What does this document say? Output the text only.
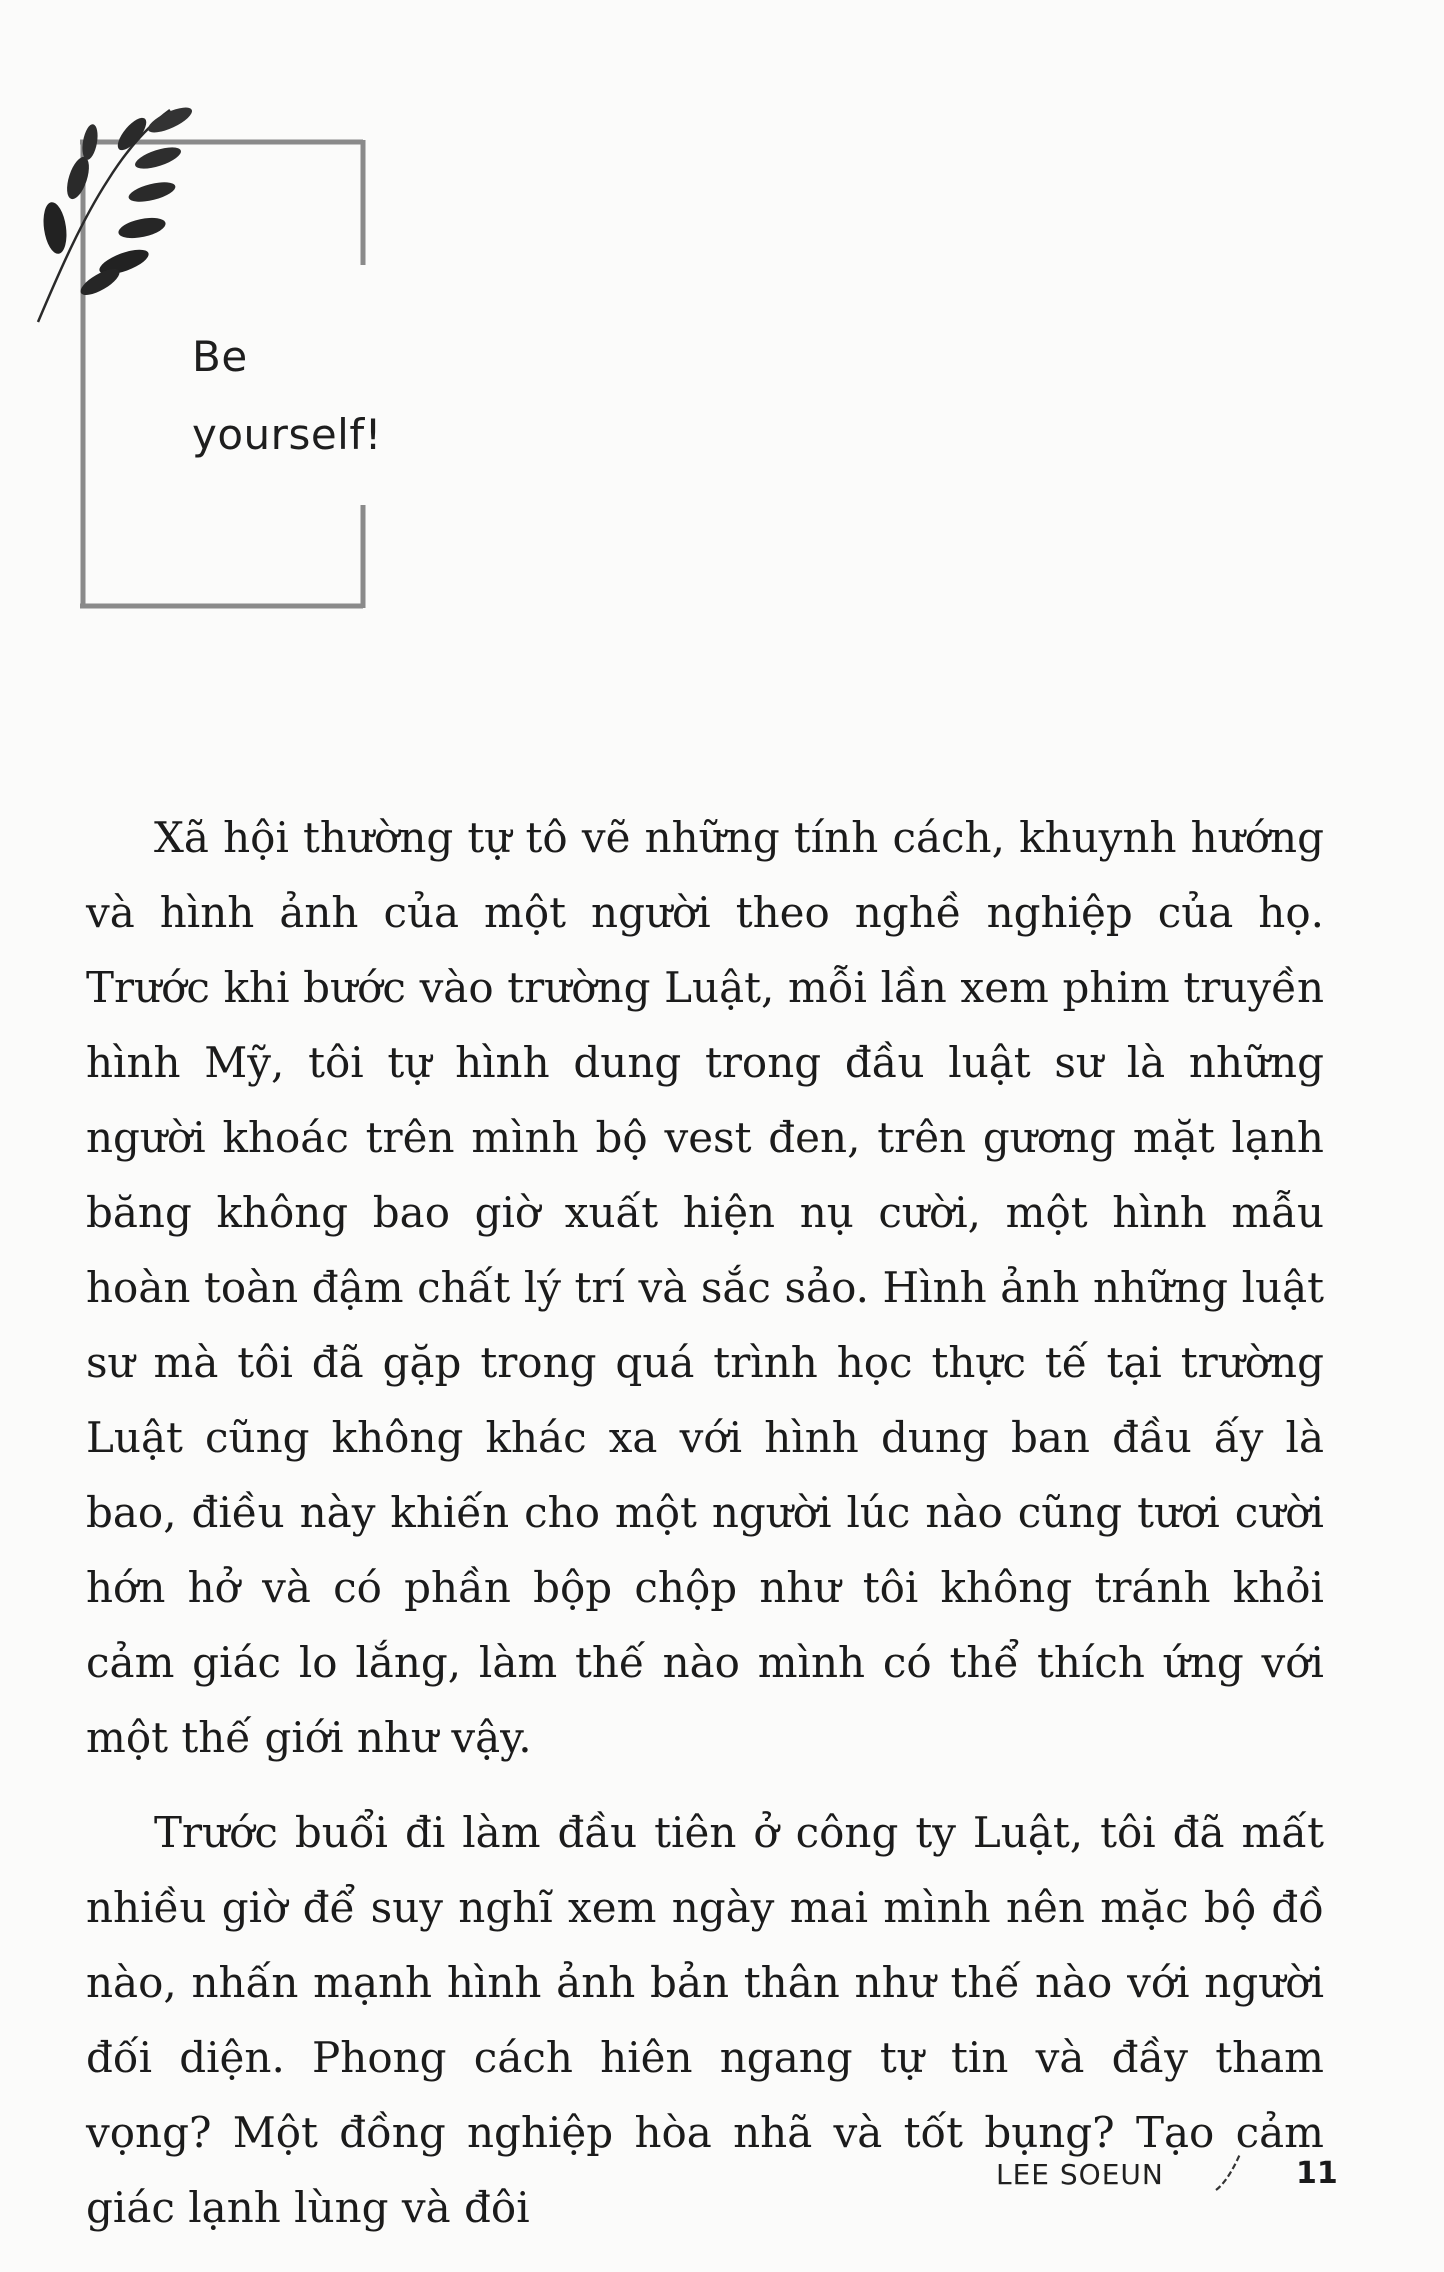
Be
yourself!

Xã hội thường tự tô vẽ những tính cách, khuynh hướng và hình ảnh của một người theo nghề nghiệp của họ. Trước khi bước vào trường Luật, mỗi lần xem phim truyền hình Mỹ, tôi tự hình dung trong đầu luật sư là những người khoác trên mình bộ vest đen, trên gương mặt lạnh băng không bao giờ xuất hiện nụ cười, một hình mẫu hoàn toàn đậm chất lý trí và sắc sảo. Hình ảnh những luật sư mà tôi đã gặp trong quá trình học thực tế tại trường Luật cũng không khác xa với hình dung ban đầu ấy là bao, điều này khiến cho một người lúc nào cũng tươi cười hớn hở và có phần bộp chộp như tôi không tránh khỏi cảm giác lo lắng, làm thế nào mình có thể thích ứng với một thế giới như vậy.

Trước buổi đi làm đầu tiên ở công ty Luật, tôi đã mất nhiều giờ để suy nghĩ xem ngày mai mình nên mặc bộ đồ nào, nhấn mạnh hình ảnh bản thân như thế nào với người đối diện. Phong cách hiên ngang tự tin và đầy tham vọng? Một đồng nghiệp hòa nhã và tốt bụng? Tạo cảm giác lạnh lùng và đôi

LEE SOEUN	11
